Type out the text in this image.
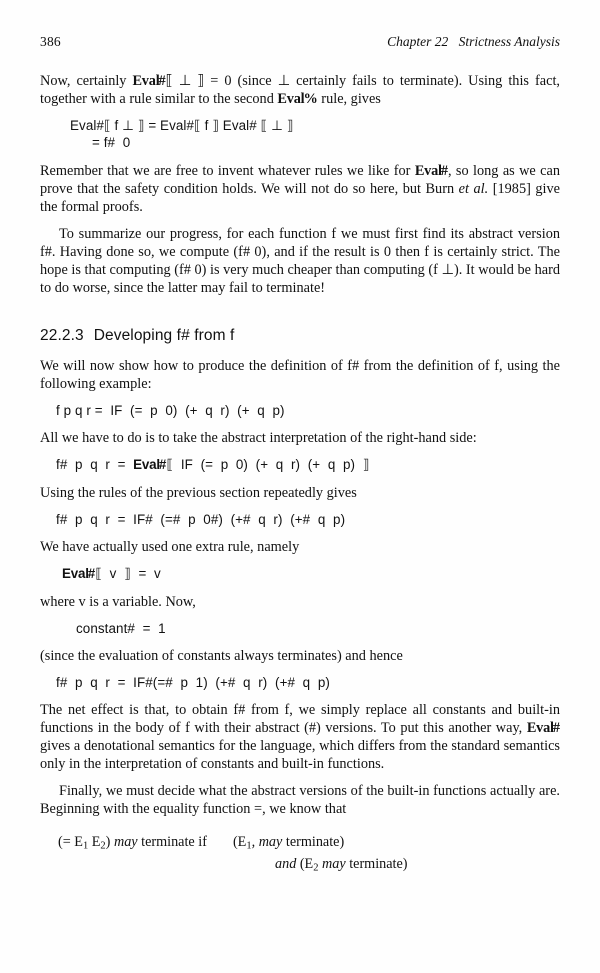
386	Chapter 22 Strictness Analysis

Now, certainly Eval#⟦ ⊥ ⟧ = 0 (since ⊥ certainly fails to terminate). Using this fact, together with a rule similar to the second Eval% rule, gives

Eval#⟦ f ⊥ ⟧ = Eval#⟦ f ⟧ Eval# ⟦ ⊥ ⟧
= f#  0

Remember that we are free to invent whatever rules we like for Eval#, so long as we can prove that the safety condition holds. We will not do so here, but Burn et al. [1985] give the formal proofs.

To summarize our progress, for each function f we must first find its abstract version f#. Having done so, we compute (f# 0), and if the result is 0 then f is certainly strict. The hope is that computing (f# 0) is very much cheaper than computing (f ⊥). It would be hard to do worse, since the latter may fail to terminate!

22.2.3 Developing f# from f

We will now show how to produce the definition of f# from the definition of f, using the following example:

f p q r =  IF  (=  p  0)  (+  q  r)  (+  q  p)

All we have to do is to take the abstract interpretation of the right-hand side:

f#  p  q  r  =  Eval#⟦  IF  (=  p  0)  (+  q  r)  (+  q  p)  ⟧

Using the rules of the previous section repeatedly gives

f#  p  q  r  =  IF#  (=#  p  0#)  (+#  q  r)  (+#  q  p)

We have actually used one extra rule, namely

Eval#⟦  v  ⟧  =  v

where v is a variable. Now,

constant#  =  1

(since the evaluation of constants always terminates) and hence

f#  p  q  r  =  IF#(=#  p  1)  (+#  q  r)  (+#  q  p)

The net effect is that, to obtain f# from f, we simply replace all constants and built-in functions in the body of f with their abstract (#) versions. To put this another way, Eval# gives a denotational semantics for the language, which differs from the standard semantics only in the interpretation of constants and built-in functions.

Finally, we must decide what the abstract versions of the built-in functions actually are. Beginning with the equality function =, we know that

(= $E_1$ $E_2$) may terminate if ($E_1$, may terminate)
and ($E_2$ may terminate)
